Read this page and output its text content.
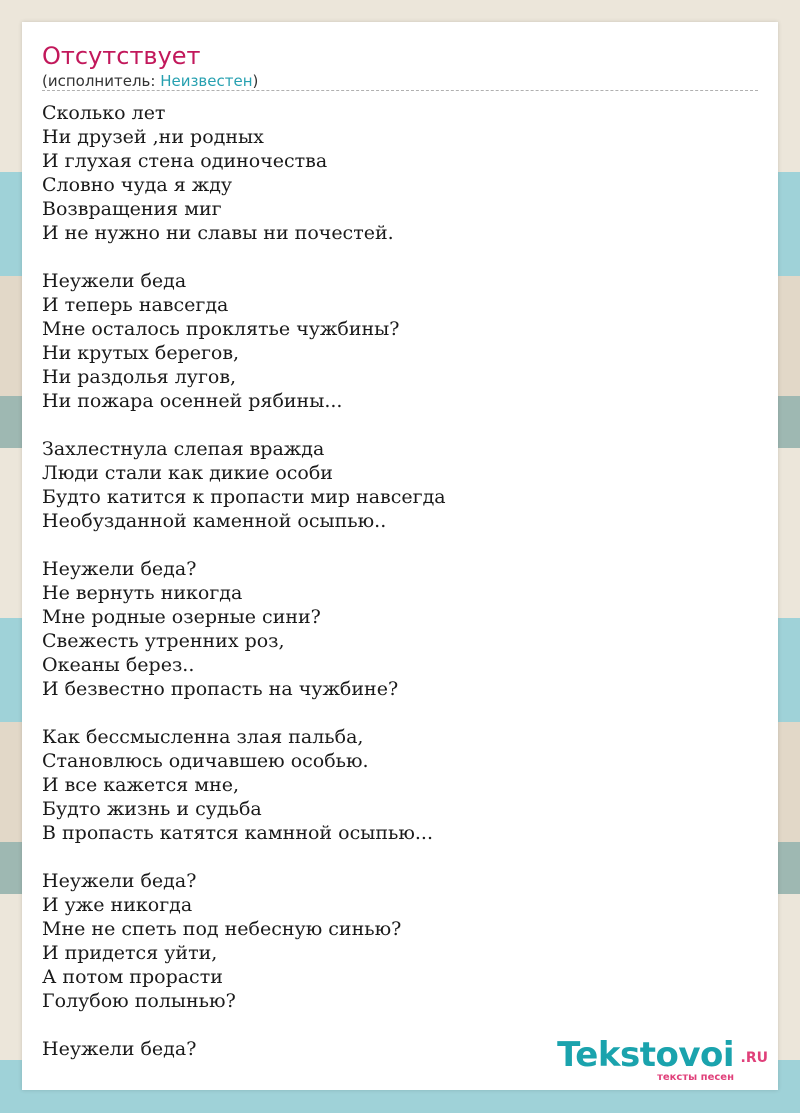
Отсутствует
(исполнитель: Неизвестен)
Сколько лет
Ни друзей ,ни родных
И глухая стена одиночества
Словно чуда я жду
Возвращения миг
И не нужно ни славы ни почестей.

Неужели беда
И теперь навсегда
Мне осталось проклятье чужбины?
Ни крутых берегов,
Ни раздолья лугов,
Ни пожара осенней рябины...

Захлестнула слепая вражда
Люди стали как дикие особи
Будто катится к пропасти мир навсегда
Необузданной каменной осыпью..

Неужели беда?
Не вернуть никогда
Мне родные озерные сини?
Свежесть утренних роз,
Океаны берез..
И безвестно пропасть на чужбине?

Как бессмысленна злая пальба,
Становлюсь одичавшею особью.
И все кажется мне,
Будто жизнь и судьба
В пропасть катятся камнной осыпью...

Неужели беда?
И уже никогда
Мне не спеть под небесную синью?
И придется уйти,
А потом прорасти
Голубою полынью?

Неужели беда?	Tekstovoi .RU
тексты песен
